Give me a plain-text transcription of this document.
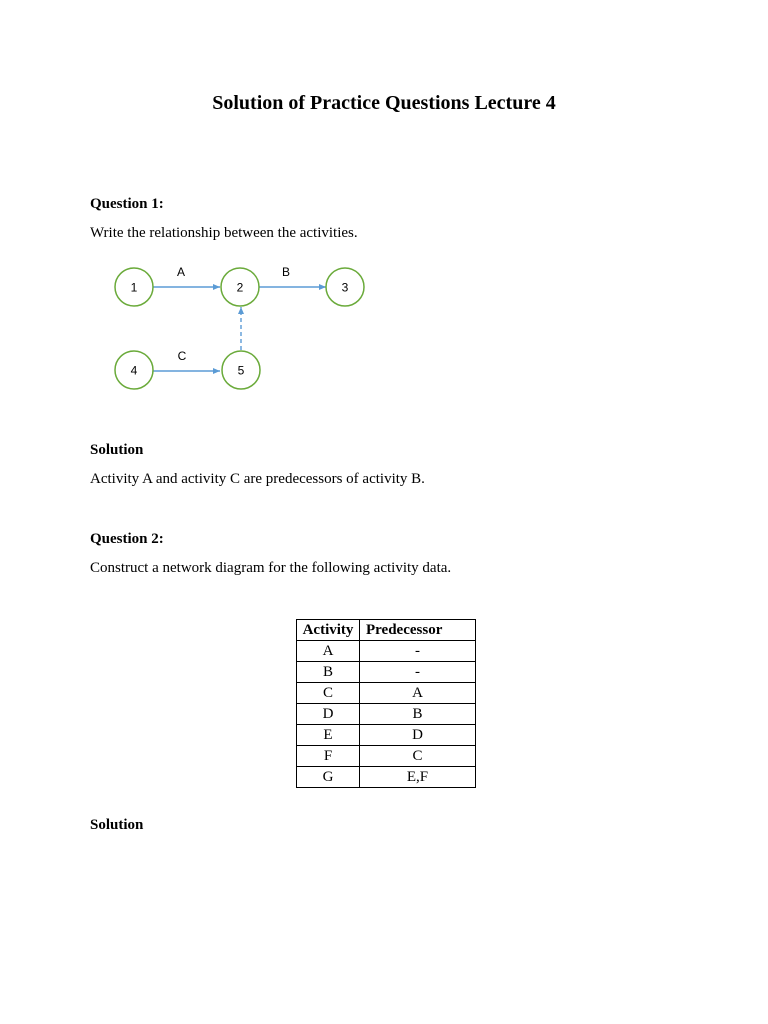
Solution of Practice Questions Lecture 4
Question 1:
Write the relationship between the activities.
A	B
C
1	2	3
4	5
Solution
Activity A and activity C are predecessors of activity B.
Question 2:
Construct a network diagram for the following activity data.
Activity	Predecessor
A	-
B	-
C	A
D	B
E	D
F	C
G	E,F
Solution
